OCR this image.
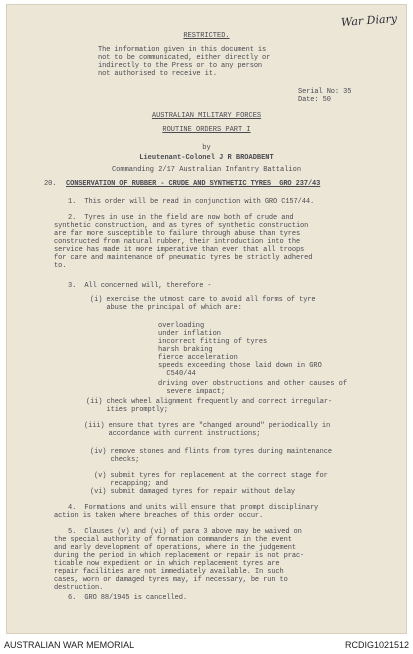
War Diary
RESTRICTED.
The information given in this document is
not to be communicated, either directly or
indirectly to the Press or to any person
not authorised to receive it.
Serial No: 35
Date: 50
AUSTRALIAN MILITARY FORCES
ROUTINE ORDERS PART I
by
Lieutenant-Colonel J R BROADBENT
Commanding 2/17 Australian Infantry Battalion
20. CONSERVATION OF RUBBER - CRUDE AND SYNTHETIC TYRES  GRO 237/43
1.  This order will be read in conjunction with GRO C157/44.
2.  Tyres in use in the field are now both of crude and
synthetic construction, and as tyres of synthetic construction
are far more susceptible to failure through abuse than tyres
constructed from natural rubber, their introduction into the
service has made it more imperative than ever that all troops
for care and maintenance of pneumatic tyres be strictly adhered
to.
3.  All concerned will, therefore -
(i) exercise the utmost care to avoid all forms of tyre
abuse the principal of which are:
overloading
under inflation
incorrect fitting of tyres
harsh braking
fierce acceleration
speeds exceeding those laid down in GRO
C540/44
driving over obstructions and other causes of
severe impact;
(ii) check wheel alignment frequently and correct irregular-
ities promptly;
(iii) ensure that tyres are "changed around" periodically in
accordance with current instructions;
(iv) remove stones and flints from tyres during maintenance
checks;
(v) submit tyres for replacement at the correct stage for
recapping; and
(vi) submit damaged tyres for repair without delay
4.  Formations and units will ensure that prompt disciplinary
action is taken where breaches of this order occur.
5.  Clauses (v) and (vi) of para 3 above may be waived on
the special authority of formation commanders in the event
and early development of operations, where in the judgement
during the period in which replacement or repair is not prac-
ticable now expedient or in which replacement tyres are
repair facilities are not immediately available. In such
cases, worn or damaged tyres may, if necessary, be run to
destruction.
6.  GRO 88/1945 is cancelled.
AUSTRALIAN WAR MEMORIAL	RCDIG1021512
